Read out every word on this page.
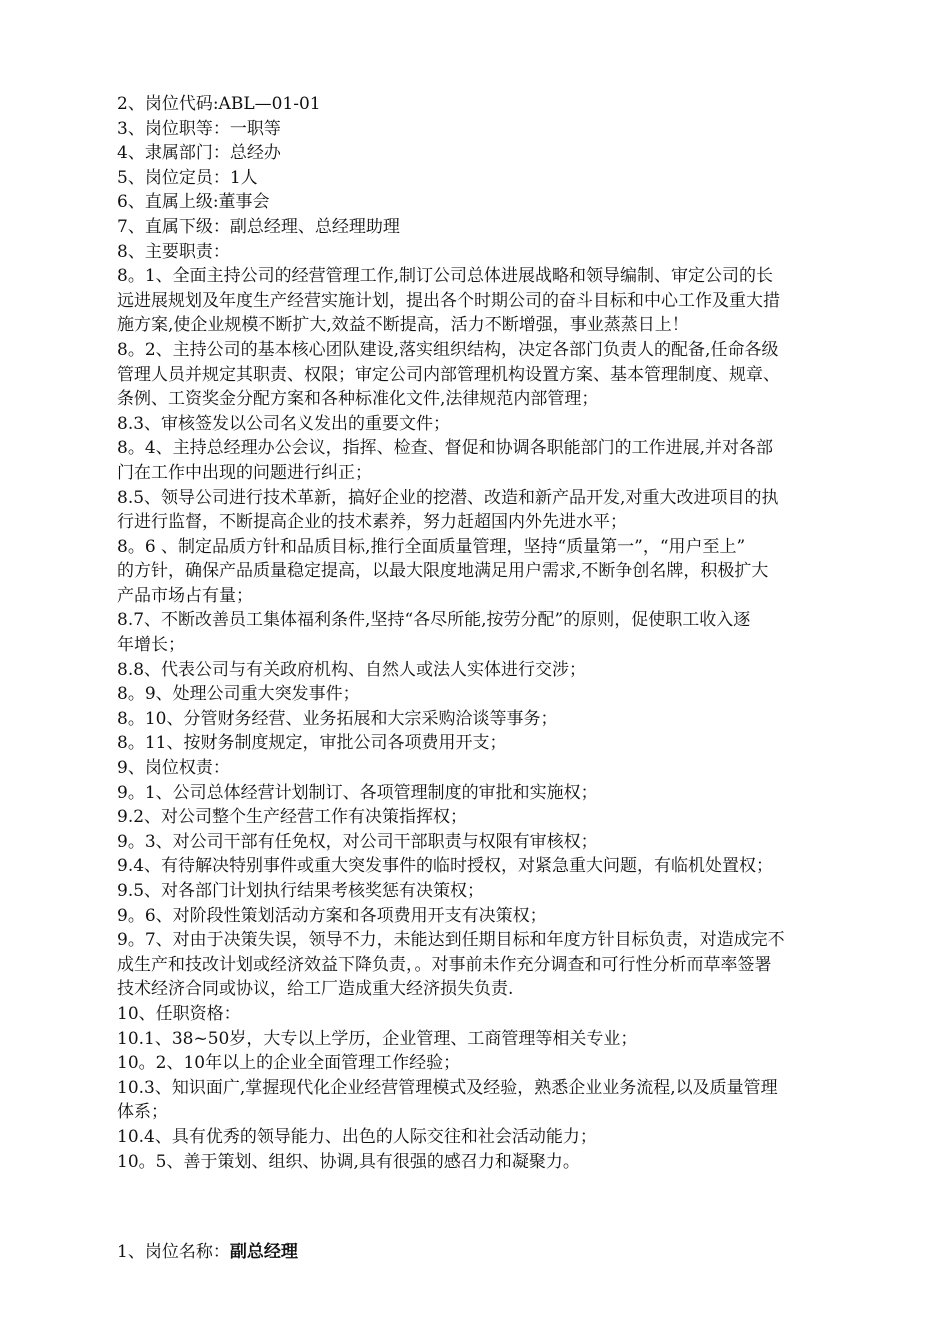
2、岗位代码:ABL—01-01
3、岗位职等：一职等
4、隶属部门：总经办
5、岗位定员：1人
6、直属上级:董事会
7、直属下级：副总经理、总经理助理
8、主要职责：
8。1、全面主持公司的经营管理工作,制订公司总体进展战略和领导编制、审定公司的长
远进展规划及年度生产经营实施计划，提出各个时期公司的奋斗目标和中心工作及重大措
施方案,使企业规模不断扩大,效益不断提高，活力不断增强，事业蒸蒸日上！
8。2、主持公司的基本核心团队建设,落实组织结构，决定各部门负责人的配备,任命各级
管理人员并规定其职责、权限；审定公司内部管理机构设置方案、基本管理制度、规章、
条例、工资奖金分配方案和各种标准化文件,法律规范内部管理；
8.3、审核签发以公司名义发出的重要文件；
8。4、主持总经理办公会议，指挥、检查、督促和协调各职能部门的工作进展,并对各部
门在工作中出现的问题进行纠正；
8.5、领导公司进行技术革新，搞好企业的挖潜、改造和新产品开发,对重大改进项目的执
行进行监督，不断提高企业的技术素养，努力赶超国内外先进水平；
8。6 、制定品质方针和品质目标,推行全面质量管理，坚持“质量第一”，“用户至上”
的方针，确保产品质量稳定提高，以最大限度地满足用户需求,不断争创名牌，积极扩大
产品市场占有量；
8.7、不断改善员工集体福利条件,坚持“各尽所能,按劳分配”的原则，促使职工收入逐
年增长；
8.8、代表公司与有关政府机构、自然人或法人实体进行交涉；
8。9、处理公司重大突发事件；
8。10、分管财务经营、业务拓展和大宗采购洽谈等事务；
8。11、按财务制度规定，审批公司各项费用开支；
9、岗位权责：
9。1、公司总体经营计划制订、各项管理制度的审批和实施权；
9.2、对公司整个生产经营工作有决策指挥权；
9。3、对公司干部有任免权，对公司干部职责与权限有审核权；
9.4、有待解决特别事件或重大突发事件的临时授权，对紧急重大问题，有临机处置权；
9.5、对各部门计划执行结果考核奖惩有决策权；
9。6、对阶段性策划活动方案和各项费用开支有决策权；
9。7、对由于决策失误，领导不力，未能达到任期目标和年度方针目标负责，对造成完不
成生产和技改计划或经济效益下降负责，。对事前未作充分调查和可行性分析而草率签署
技术经济合同或协议，给工厂造成重大经济损失负责.
10、任职资格：
10.1、38~50岁，大专以上学历，企业管理、工商管理等相关专业；
10。2、10年以上的企业全面管理工作经验；
10.3、知识面广,掌握现代化企业经营管理模式及经验，熟悉企业业务流程,以及质量管理
体系；
10.4、具有优秀的领导能力、出色的人际交往和社会活动能力；
10。5、善于策划、组织、协调,具有很强的感召力和凝聚力。
1、岗位名称：副总经理
